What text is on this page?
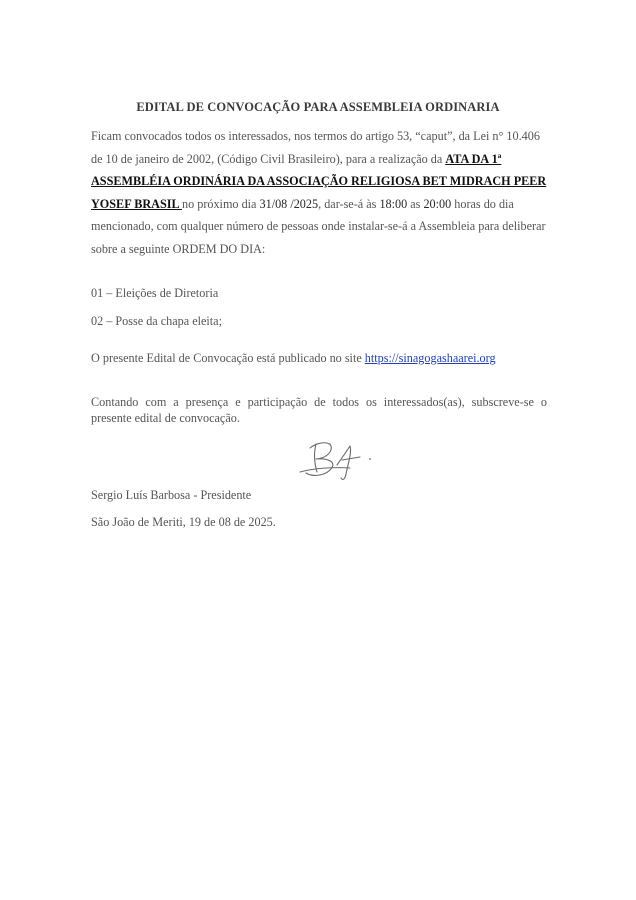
EDITAL DE CONVOCAÇÃO PARA ASSEMBLEIA ORDINARIA
Ficam convocados todos os interessados, nos termos do artigo 53, “caput”, da Lei n° 10.406 de 10 de janeiro de 2002, (Código Civil Brasileiro), para a realização da ATA DA 1ª ASSEMBLÉIA ORDINÁRIA DA ASSOCIAÇÃO RELIGIOSA BET MIDRACH PEER YOSEF BRASIL no próximo dia 31/08 /2025, dar-se-á às 18:00 as 20:00 horas do dia mencionado, com qualquer número de pessoas onde instalar-se-á a Assembleia para deliberar sobre a seguinte ORDEM DO DIA:
01 – Eleições de Diretoria
02 – Posse da chapa eleita;
O presente Edital de Convocação está publicado no site https://sinagogashaarei.org
Contando com a presença e participação de todos os interessados(as), subscreve-se o presente edital de convocação.
Sergio Luís Barbosa - Presidente
São João de Meriti, 19 de 08 de 2025.
